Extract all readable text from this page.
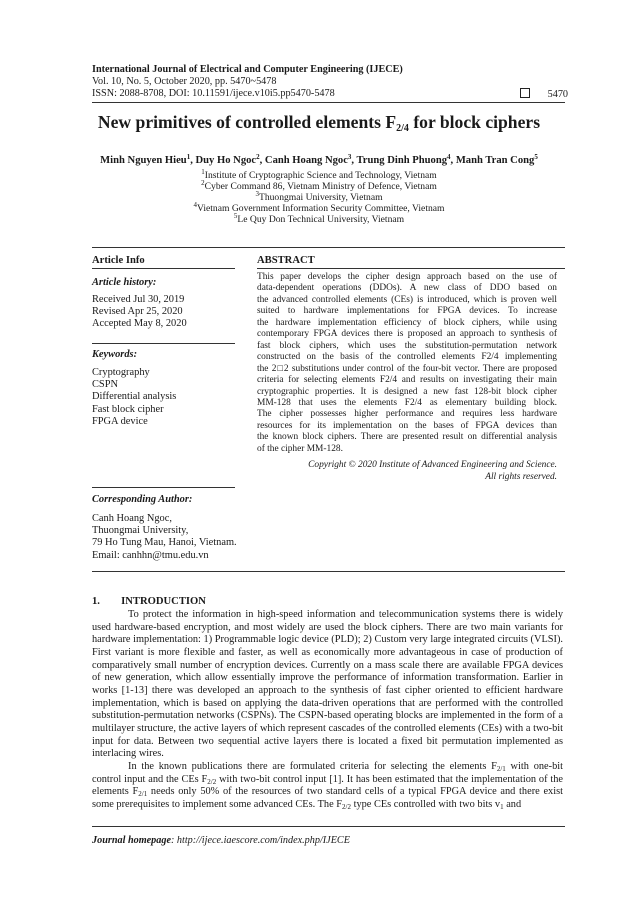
International Journal of Electrical and Computer Engineering (IJECE)
Vol. 10, No. 5, October 2020, pp. 5470~5478
ISSN: 2088-8708, DOI: 10.11591/ijece.v10i5.pp5470-5478	5470
New primitives of controlled elements $F_{2/4}$ for block ciphers
Minh Nguyen Hieu$^1$, Duy Ho Ngoc$^2$, Canh Hoang Ngoc$^3$, Trung Dinh Phuong$^4$, Manh Tran Cong$^5$
$^1$Institute of Cryptographic Science and Technology, Vietnam
$^2$Cyber Command 86, Vietnam Ministry of Defence, Vietnam
$^3$Thuongmai University, Vietnam
$^4$Vietnam Government Information Security Committee, Vietnam
$^5$Le Quy Don Technical University, Vietnam
Article Info	ABSTRACT
Article history:
Received Jul 30, 2019
Revised Apr 25, 2020
Accepted May 8, 2020
Keywords:
Cryptography
CSPN
Differential analysis
Fast block cipher
FPGA device
This paper develops the cipher design approach based on the use of
data-dependent operations (DDOs). A new class of DDO based on
the advanced controlled elements (CEs) is introduced, which is proven well
suited to hardware implementations for FPGA devices. To increase
the hardware implementation efficiency of block ciphers, while using
contemporary FPGA devices there is proposed an approach to synthesis of
fast block ciphers, which uses the substitution-permutation network
constructed on the basis of the controlled elements F2/4 implementing
the 2□2 substitutions under control of the four-bit vector. There are proposed
criteria for selecting elements F2/4 and results on investigating their main
cryptographic properties. It is designed a new fast 128-bit block cipher
MM-128 that uses the elements F2/4 as elementary building block.
The cipher possesses higher performance and requires less hardware
resources for its implementation on the bases of FPGA devices than
the known block ciphers. There are presented result on differential analysis
of the cipher MM-128.
Copyright © 2020 Institute of Advanced Engineering and Science.
All rights reserved.
Corresponding Author:
Canh Hoang Ngoc,
Thuongmai University,
79 Ho Tung Mau, Hanoi, Vietnam.
Email: canhhn@tmu.edu.vn
1.  INTRODUCTION

To protect the information in high-speed information and telecommunication systems there is widely used hardware-based encryption, and most widely are used the block ciphers. There are two main variants for hardware implementation: 1) Programmable logic device (PLD); 2) Custom very large integrated circuits (VLSI). First variant is more flexible and faster, as well as economically more advantageous in case of production of comparatively small number of encryption devices. Currently on a mass scale there are available FPGA devices of new generation, which allow essentially improve the performance of information transformation. Earlier in works [1-13] there was developed an approach to the synthesis of fast cipher oriented to efficient hardware implementation, which is based on applying the data-driven operations that are performed with the controlled substitution-permutation networks (CSPNs). The CSPN-based operating blocks are implemented in the form of a multilayer structure, the active layers of which represent cascades of the controlled elements (CEs) with a two-bit input for data. Between two sequential active layers there is located a fixed bit permutation implemented as interlacing wires.

In the known publications there are formulated criteria for selecting the elements $F_{2/1}$ with one-bit control input and the CEs $F_{2/2}$ with two-bit control input [1]. It has been estimated that the implementation of the elements $F_{2/1}$ needs only 50% of the resources of two standard cells of a typical FPGA device and there exist some prerequisites to implement some advanced CEs. The $F_{2/2}$ type CEs controlled with two bits $v_1$ and

Journal homepage: http://ijece.iaescore.com/index.php/IJECE
